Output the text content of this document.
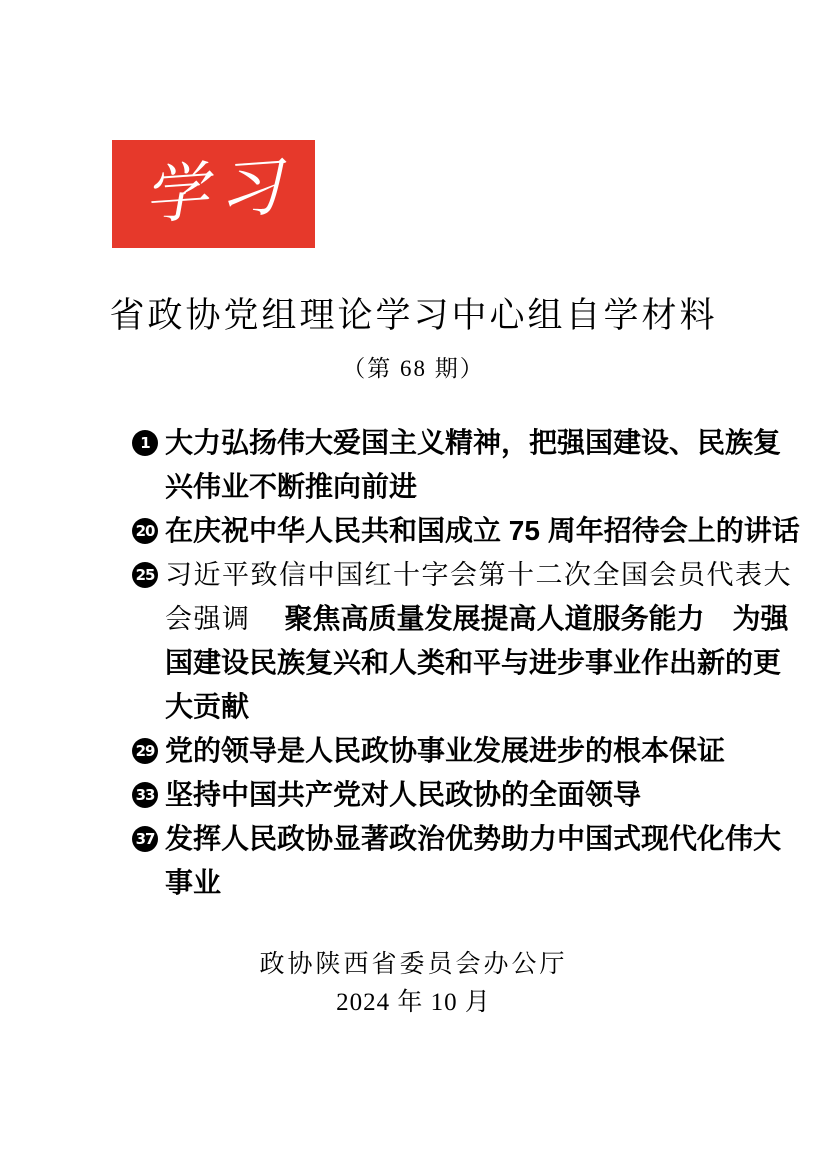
学习
省政协党组理论学习中心组自学材料
（第 68 期）
1 大力弘扬伟大爱国主义精神，把强国建设、民族复
兴伟业不断推向前进
20 在庆祝中华人民共和国成立 75 周年招待会上的讲话
25 习近平致信中国红十字会第十二次全国会员代表大
会强调 聚焦高质量发展提高人道服务能力　为强
国建设民族复兴和人类和平与进步事业作出新的更
大贡献
29 党的领导是人民政协事业发展进步的根本保证
33 坚持中国共产党对人民政协的全面领导
37 发挥人民政协显著政治优势助力中国式现代化伟大
事业
政协陕西省委员会办公厅
2024 年 10 月
